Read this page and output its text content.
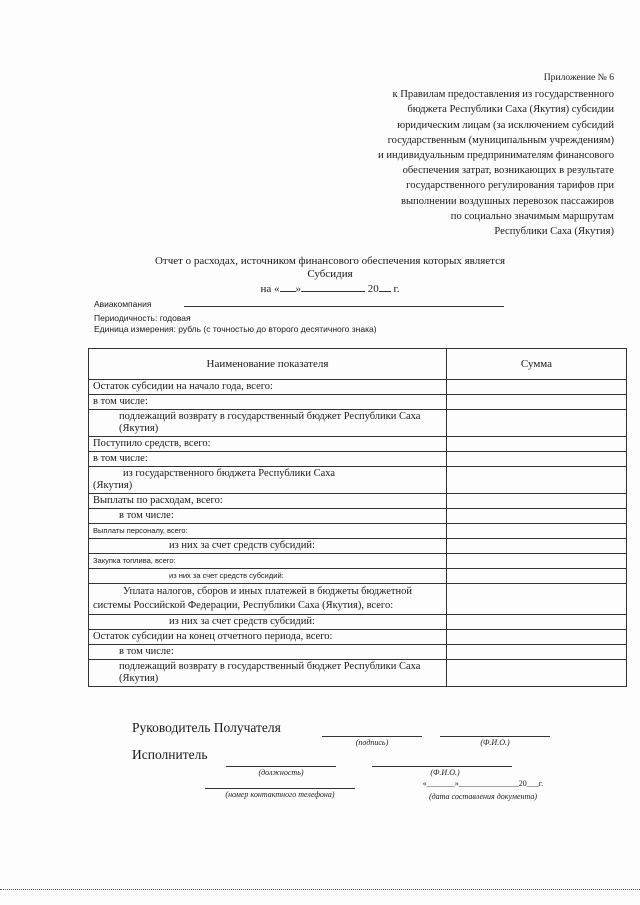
Приложение № 6
к Правилам предоставления из государственного
бюджета Республики Саха (Якутия) субсидии
юридическим лицам (за исключением субсидий
государственным (муниципальным учреждениям)
и индивидуальным предпринимателям финансового
обеспечения затрат, возникающих в результате
государственного регулирования тарифов при
выполнении воздушных перевозок пассажиров
по социально значимым маршрутам
Республики Саха (Якутия)
Отчет о расходах, источником финансового обеспечения которых является
Субсидия
на « »	20 г.
Авиакомпания
Периодичность: годовая
Единица измерения: рубль (с точностью до второго десятичного знака)
Наименование показателя	Сумма
Остаток субсидии на начало года, всего:	
в том числе:	
подлежащий возврату в государственный бюджет Республики Саха (Якутия)	
Поступило средств, всего:	
в том числе:	

из государственного бюджета Республики Саха
(Якутия)	

Выплаты по расходам, всего:	
в том числе:	
Выплаты персоналу, всего:	
из них за счет средств субсидий:	
Закупка топлива, всего:	
из них за счет средств субсидий:	
Уплата налогов, сборов и иных платежей в бюджеты бюджетной системы Российской Федерации, Республики Саха (Якутия), всего:	
из них за счет средств субсидий:	
Остаток субсидии на конец отчетного периода, всего:	
в том числе:	
подлежащий возврату в государственный бюджет Республики Саха (Якутия)	
Руководитель Получателя
(подпись)	(Ф.И.О.)
Исполнитель
(должность)	(Ф.И.О.)
(номер контактного телефона)
«_______»_______________20___г.
(дата составления документа)
